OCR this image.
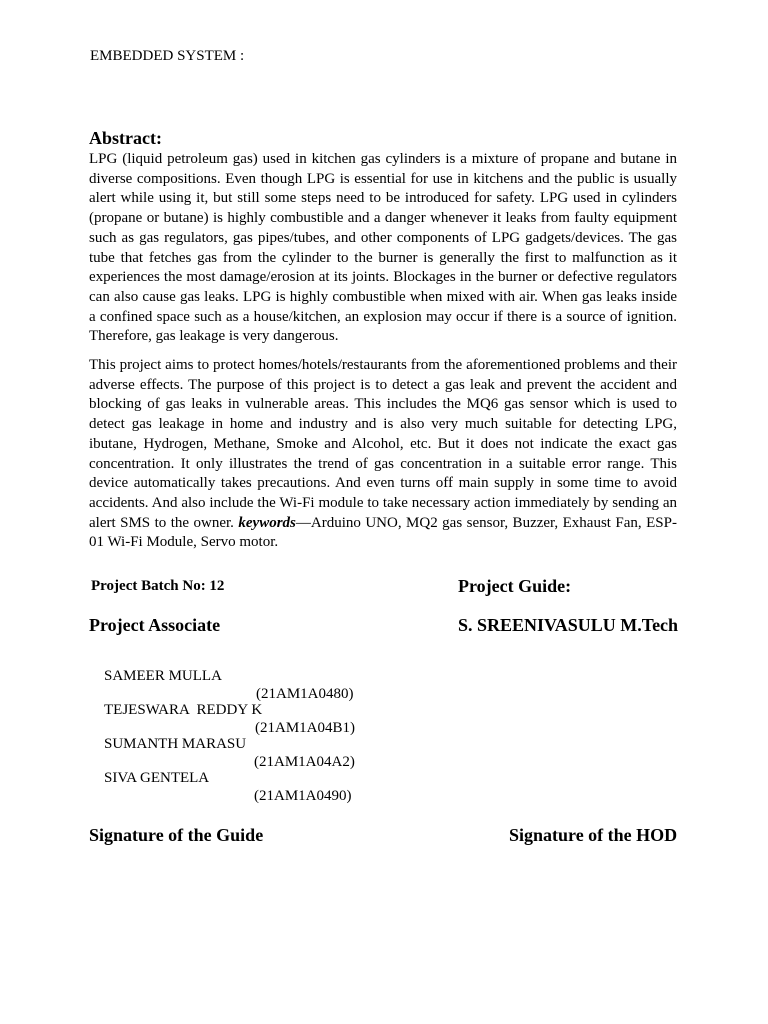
EMBEDDED SYSTEM :
Abstract:

LPG (liquid petroleum gas) used in kitchen gas cylinders is a mixture of propane and butane in diverse compositions. Even though LPG is essential for use in kitchens and the public is usually alert while using it, but still some steps need to be introduced for safety. LPG used in cylinders (propane or butane) is highly combustible and a danger whenever it leaks from faulty equipment such as gas regulators, gas pipes/tubes, and other components of LPG gadgets/devices. The gas tube that fetches gas from the cylinder to the burner is generally the first to malfunction as it experiences the most damage/erosion at its joints. Blockages in the burner or defective regulators can also cause gas leaks. LPG is highly combustible when mixed with air. When gas leaks inside a confined space such as a house/kitchen, an explosion may occur if there is a source of ignition. Therefore, gas leakage is very dangerous.

This project aims to protect homes/hotels/restaurants from the aforementioned problems and their adverse effects. The purpose of this project is to detect a gas leak and prevent the accident and blocking of gas leaks in vulnerable areas. This includes the MQ6 gas sensor which is used to detect gas leakage in home and industry and is also very much suitable for detecting LPG, ibutane, Hydrogen, Methane, Smoke and Alcohol, etc. But it does not indicate the exact gas concentration. It only illustrates the trend of gas concentration in a suitable error range. This device automatically takes precautions. And even turns off main supply in some time to avoid accidents. And also include the Wi-Fi module to take necessary action immediately by sending an alert SMS to the owner. keywords—Arduino UNO, MQ2 gas sensor, Buzzer, Exhaust Fan, ESP-01 Wi-Fi Module, Servo motor.

Project Batch No: 12	Project Guide:
Project Associate	S. SREENIVASULU M.Tech

SAMEER MULLA

(21AM1A0480)

TEJESWARA  REDDY K

(21AM1A04B1)

SUMANTH MARASU

(21AM1A04A2)

SIVA GENTELA

(21AM1A0490)

Signature of the Guide	Signature of the HOD
